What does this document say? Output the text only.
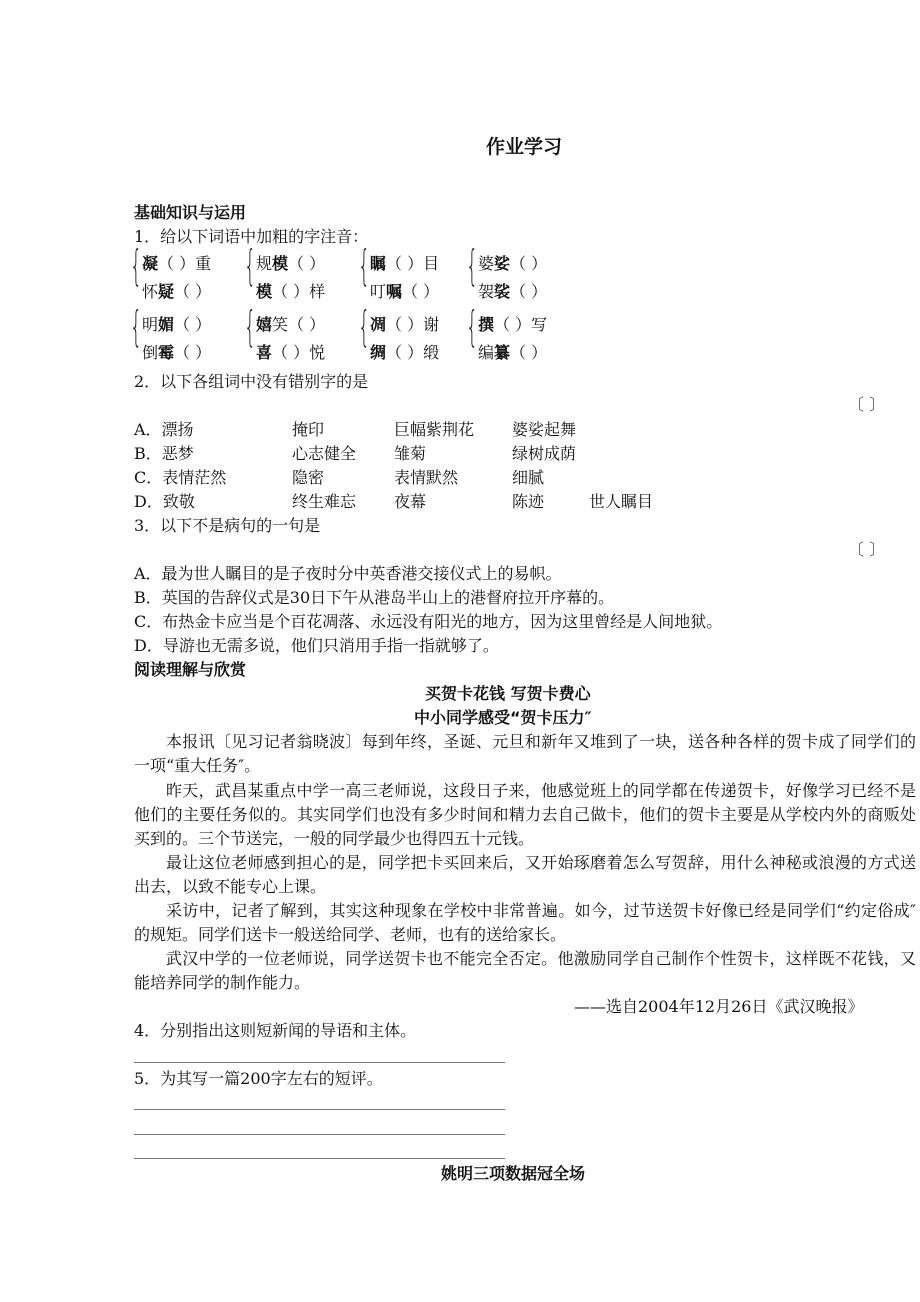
作业学习
基础知识与运用
1．给以下词语中加粗的字注音：
{ 凝（ ）重
怀疑（ ）
{ 规模（ ）
模（ ）样
{ 瞩（ ）目
叮嘱（ ）
{ 婆娑（ ）
袈裟（ ）
{ 明媚（ ）
倒霉（ ）
{ 嬉笑（ ）
喜（ ）悦
{ 凋（ ）谢
绸（ ）缎
{ 撰（ ）写
编纂（ ）
2．以下各组词中没有错别字的是
〔 〕
A．漂扬	掩印	巨幅紫荆花 婆娑起舞
B．恶梦	心志健全 雏菊	绿树成荫
C．表情茫然	隐密	表情默然	细腻
D．致敬	终生难忘 夜幕	陈迹	世人瞩目
3．以下不是病句的一句是
〔 〕
A．最为世人瞩目的是子夜时分中英香港交接仪式上的易帜。
B．英国的告辞仪式是30日下午从港岛半山上的港督府拉开序幕的。
C．布热金卡应当是个百花凋落、永远没有阳光的地方，因为这里曾经是人间地狱。
D．导游也无需多说，他们只消用手指一指就够了。
阅读理解与欣赏
买贺卡花钱 写贺卡费心
中小同学感受“贺卡压力″
本报讯〔见习记者翁晓波〕每到年终，圣诞、元旦和新年又堆到了一块，送各种各样的贺卡成了同学们的一项“重大任务″。
昨天，武昌某重点中学一高三老师说，这段日子来，他感觉班上的同学都在传递贺卡，好像学习已经不是他们的主要任务似的。其实同学们也没有多少时间和精力去自己做卡，他们的贺卡主要是从学校内外的商贩处买到的。三个节送完，一般的同学最少也得四五十元钱。
最让这位老师感到担心的是，同学把卡买回来后，又开始琢磨着怎么写贺辞，用什么神秘或浪漫的方式送出去，以致不能专心上课。
采访中，记者了解到，其实这种现象在学校中非常普遍。如今，过节送贺卡好像已经是同学们“约定俗成″的规矩。同学们送卡一般送给同学、老师，也有的送给家长。
武汉中学的一位老师说，同学送贺卡也不能完全否定。他激励同学自己制作个性贺卡，这样既不花钱，又能培养同学的制作能力。
——选自2004年12月26日《武汉晚报》
4．分别指出这则短新闻的导语和主体。
5．为其写一篇200字左右的短评。
姚明三项数据冠全场
